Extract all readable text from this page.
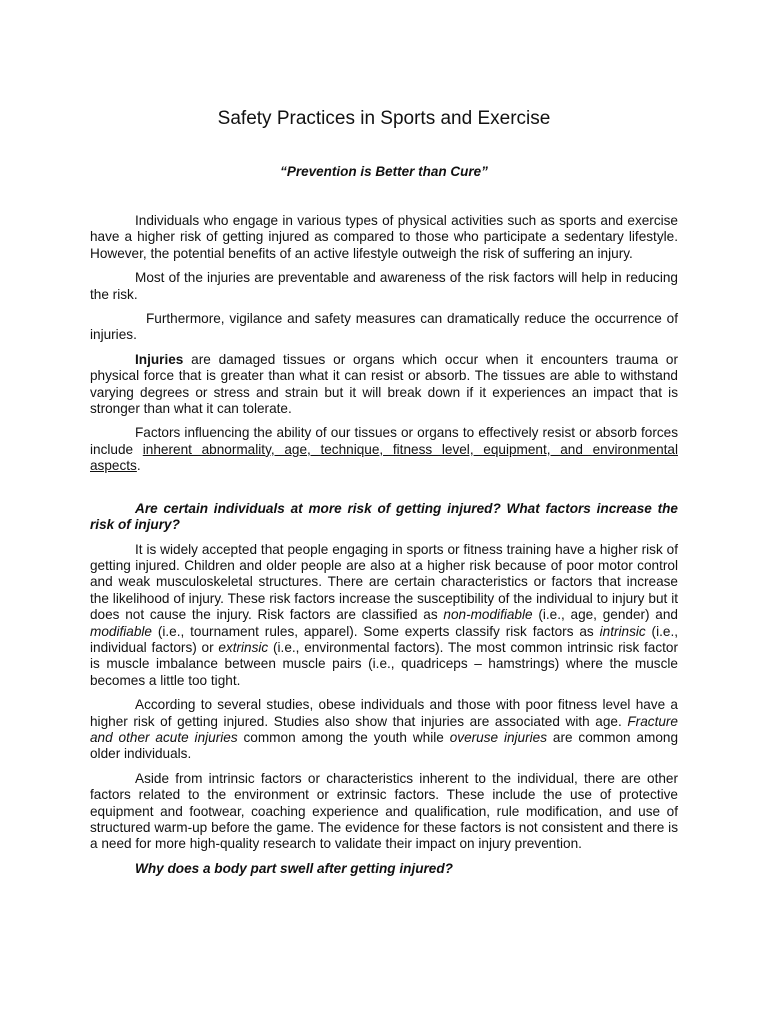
Safety Practices in Sports and Exercise

“Prevention is Better than Cure”

Individuals who engage in various types of physical activities such as sports and exercise have a higher risk of getting injured as compared to those who participate a sedentary lifestyle. However, the potential benefits of an active lifestyle outweigh the risk of suffering an injury.

Most of the injuries are preventable and awareness of the risk factors will help in reducing the risk.

Furthermore, vigilance and safety measures can dramatically reduce the occurrence of injuries.

Injuries are damaged tissues or organs which occur when it encounters trauma or physical force that is greater than what it can resist or absorb. The tissues are able to withstand varying degrees or stress and strain but it will break down if it experiences an impact that is stronger than what it can tolerate.

Factors influencing the ability of our tissues or organs to effectively resist or absorb forces include inherent abnormality, age, technique, fitness level, equipment, and environmental aspects.

Are certain individuals at more risk of getting injured? What factors increase the risk of injury?

It is widely accepted that people engaging in sports or fitness training have a higher risk of getting injured. Children and older people are also at a higher risk because of poor motor control and weak musculoskeletal structures. There are certain characteristics or factors that increase the likelihood of injury. These risk factors increase the susceptibility of the individual to injury but it does not cause the injury. Risk factors are classified as non-modifiable (i.e., age, gender) and modifiable (i.e., tournament rules, apparel). Some experts classify risk factors as intrinsic (i.e., individual factors) or extrinsic (i.e., environmental factors). The most common intrinsic risk factor is muscle imbalance between muscle pairs (i.e., quadriceps – hamstrings) where the muscle becomes a little too tight.

According to several studies, obese individuals and those with poor fitness level have a higher risk of getting injured. Studies also show that injuries are associated with age. Fracture and other acute injuries common among the youth while overuse injuries are common among older individuals.

Aside from intrinsic factors or characteristics inherent to the individual, there are other factors related to the environment or extrinsic factors. These include the use of protective equipment and footwear, coaching experience and qualification, rule modification, and use of structured warm-up before the game. The evidence for these factors is not consistent and there is a need for more high-quality research to validate their impact on injury prevention.

Why does a body part swell after getting injured?
